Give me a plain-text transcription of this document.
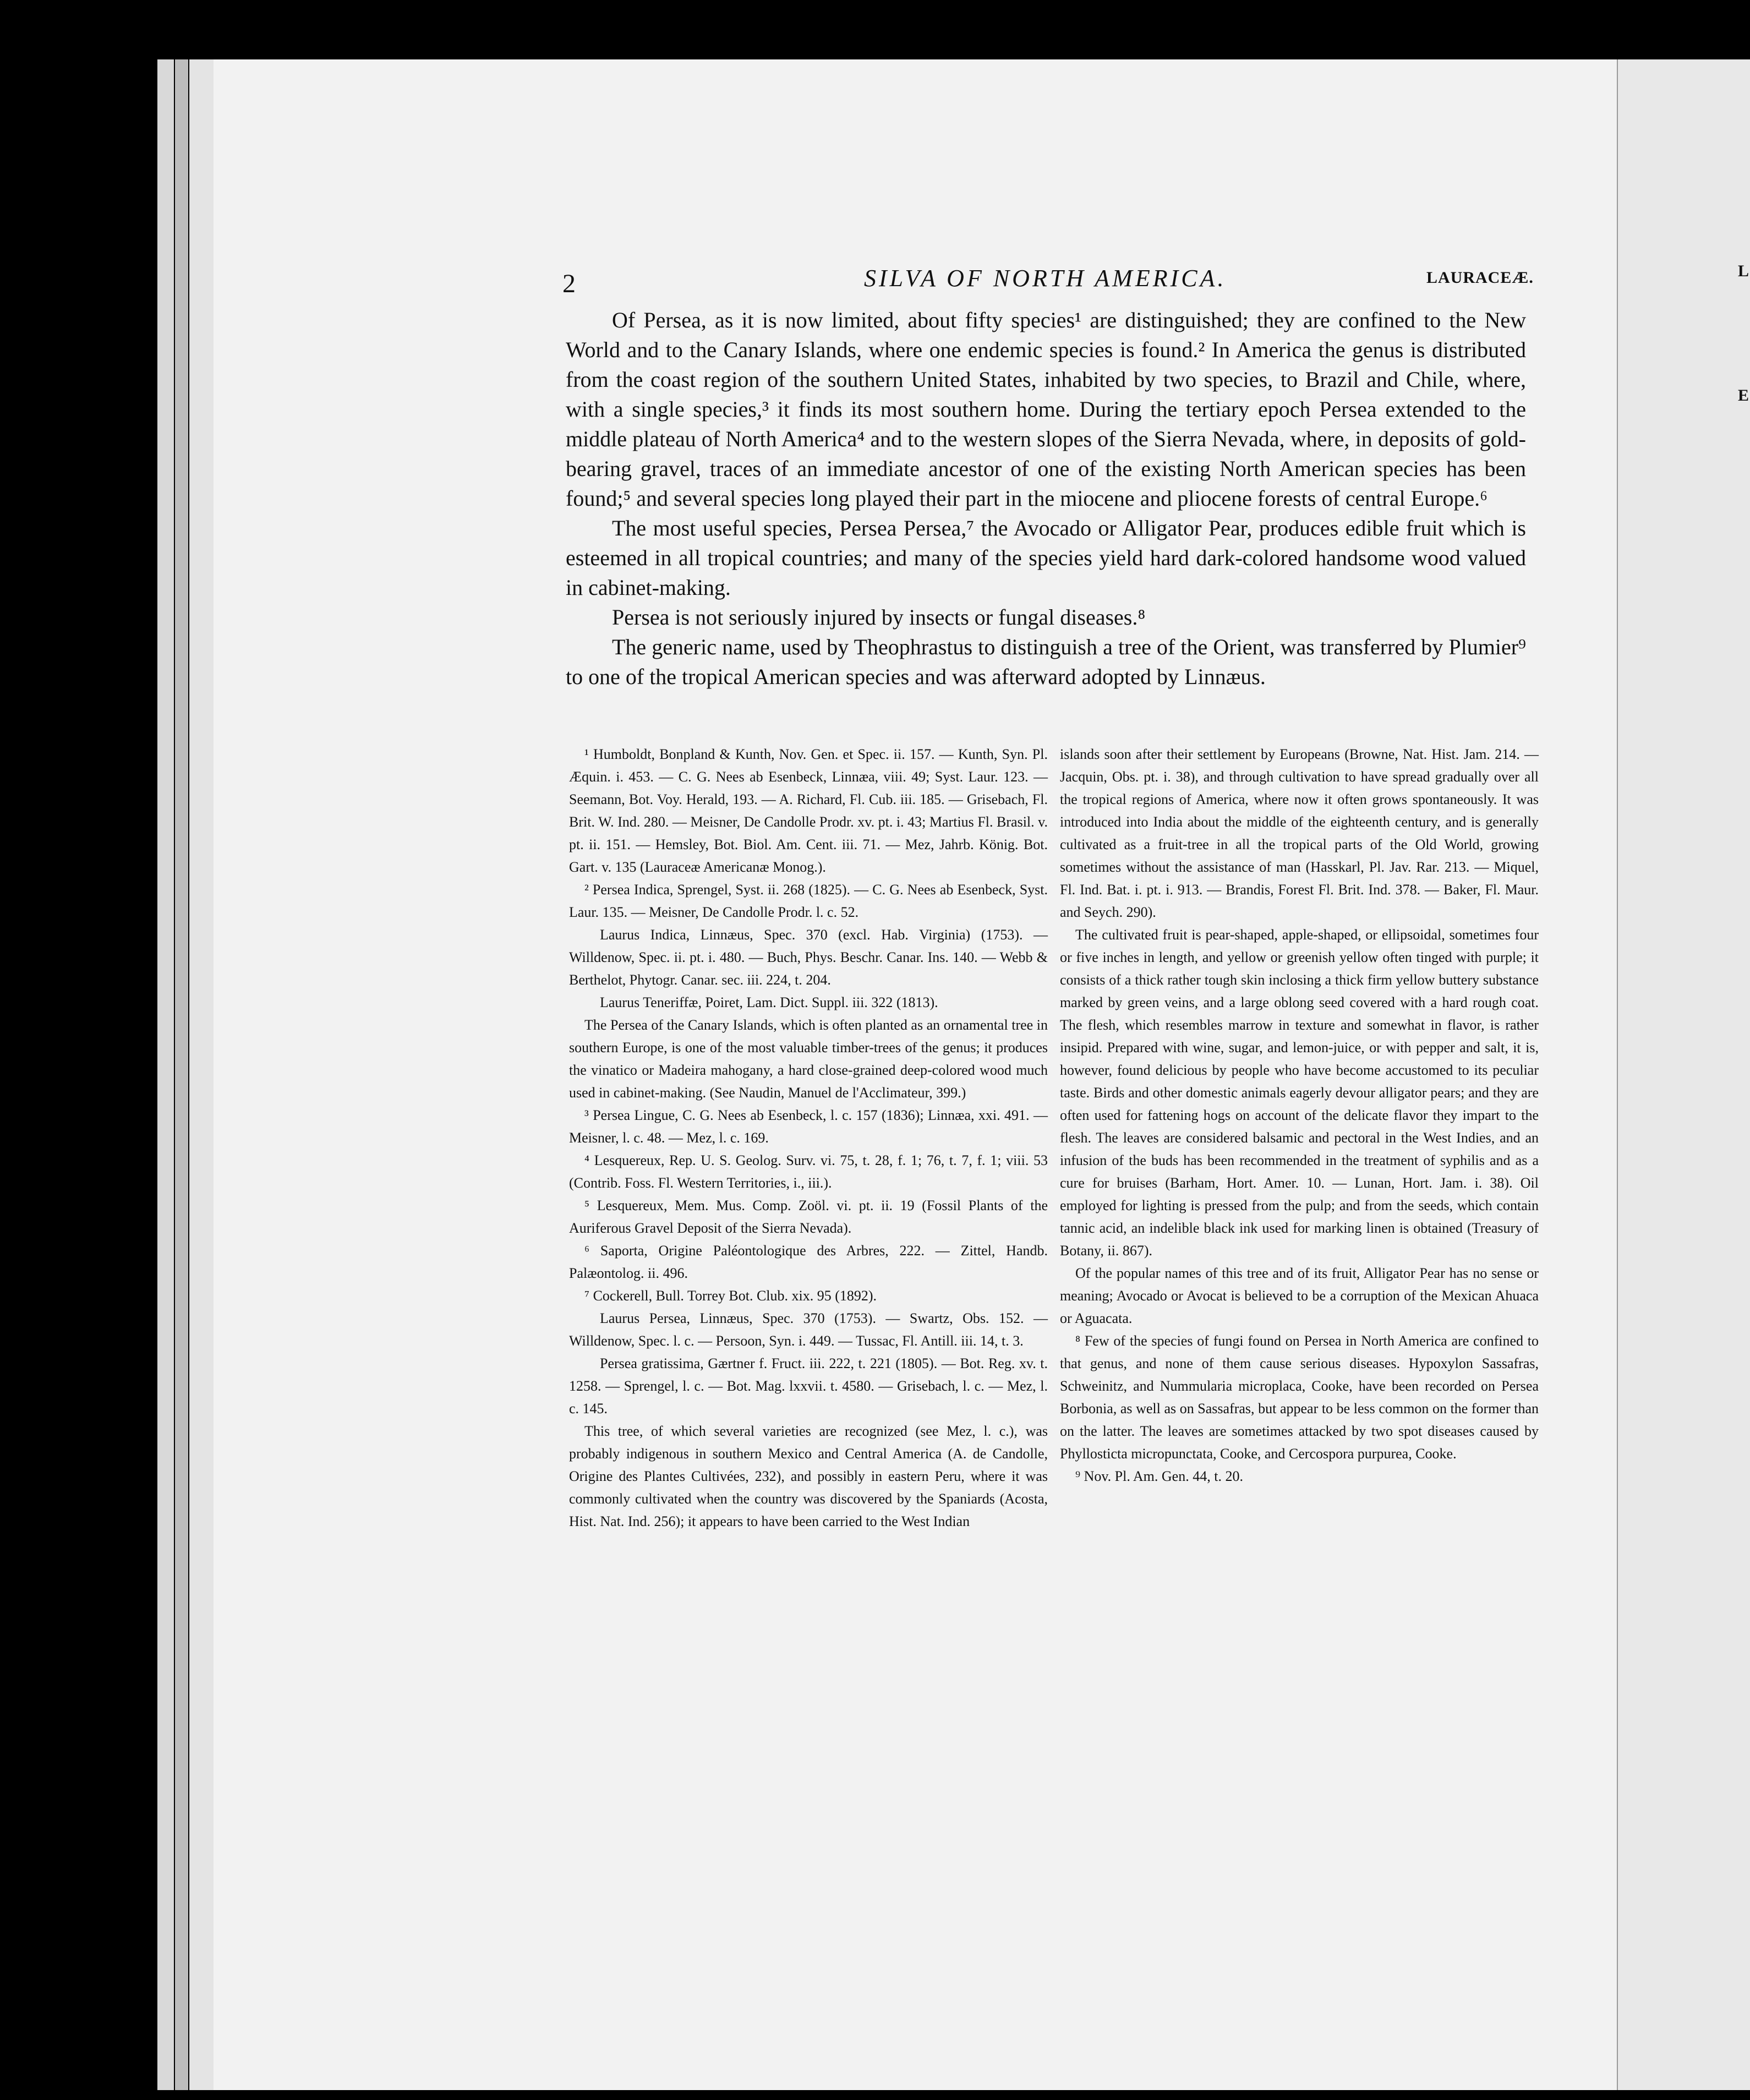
L
E
2	SILVA OF NORTH AMERICA.	LAURACEÆ.

Of Persea, as it is now limited, about fifty species¹ are distinguished; they are confined to the New World and to the Canary Islands, where one endemic species is found.² In America the genus is distributed from the coast region of the southern United States, inhabited by two species, to Brazil and Chile, where, with a single species,³ it finds its most southern home. During the tertiary epoch Persea extended to the middle plateau of North America⁴ and to the western slopes of the Sierra Nevada, where, in deposits of gold-bearing gravel, traces of an immediate ancestor of one of the existing North American species has been found;⁵ and several species long played their part in the miocene and pliocene forests of central Europe.⁶

The most useful species, Persea Persea,⁷ the Avocado or Alligator Pear, produces edible fruit which is esteemed in all tropical countries; and many of the species yield hard dark-colored handsome wood valued in cabinet-making.

Persea is not seriously injured by insects or fungal diseases.⁸

The generic name, used by Theophrastus to distinguish a tree of the Orient, was transferred by Plumier⁹ to one of the tropical American species and was afterward adopted by Linnæus.

¹ Humboldt, Bonpland & Kunth, Nov. Gen. et Spec. ii. 157. — Kunth, Syn. Pl. Æquin. i. 453. — C. G. Nees ab Esenbeck, Linnæa, viii. 49; Syst. Laur. 123. — Seemann, Bot. Voy. Herald, 193. — A. Richard, Fl. Cub. iii. 185. — Grisebach, Fl. Brit. W. Ind. 280. — Meisner, De Candolle Prodr. xv. pt. i. 43; Martius Fl. Brasil. v. pt. ii. 151. — Hemsley, Bot. Biol. Am. Cent. iii. 71. — Mez, Jahrb. König. Bot. Gart. v. 135 (Lauraceæ Americanæ Monog.).

² Persea Indica, Sprengel, Syst. ii. 268 (1825). — C. G. Nees ab Esenbeck, Syst. Laur. 135. — Meisner, De Candolle Prodr. l. c. 52.

Laurus Indica, Linnæus, Spec. 370 (excl. Hab. Virginia) (1753). — Willdenow, Spec. ii. pt. i. 480. — Buch, Phys. Beschr. Canar. Ins. 140. — Webb & Berthelot, Phytogr. Canar. sec. iii. 224, t. 204.

Laurus Teneriffæ, Poiret, Lam. Dict. Suppl. iii. 322 (1813).

The Persea of the Canary Islands, which is often planted as an ornamental tree in southern Europe, is one of the most valuable timber-trees of the genus; it produces the vinatico or Madeira mahogany, a hard close-grained deep-colored wood much used in cabinet-making. (See Naudin, Manuel de l'Acclimateur, 399.)

³ Persea Lingue, C. G. Nees ab Esenbeck, l. c. 157 (1836); Linnæa, xxi. 491. — Meisner, l. c. 48. — Mez, l. c. 169.

⁴ Lesquereux, Rep. U. S. Geolog. Surv. vi. 75, t. 28, f. 1; 76, t. 7, f. 1; viii. 53 (Contrib. Foss. Fl. Western Territories, i., iii.).

⁵ Lesquereux, Mem. Mus. Comp. Zoöl. vi. pt. ii. 19 (Fossil Plants of the Auriferous Gravel Deposit of the Sierra Nevada).

⁶ Saporta, Origine Paléontologique des Arbres, 222. — Zittel, Handb. Palæontolog. ii. 496.

⁷ Cockerell, Bull. Torrey Bot. Club. xix. 95 (1892).

Laurus Persea, Linnæus, Spec. 370 (1753). — Swartz, Obs. 152. — Willdenow, Spec. l. c. — Persoon, Syn. i. 449. — Tussac, Fl. Antill. iii. 14, t. 3.

Persea gratissima, Gærtner f. Fruct. iii. 222, t. 221 (1805). — Bot. Reg. xv. t. 1258. — Sprengel, l. c. — Bot. Mag. lxxvii. t. 4580. — Grisebach, l. c. — Mez, l. c. 145.

This tree, of which several varieties are recognized (see Mez, l. c.), was probably indigenous in southern Mexico and Central America (A. de Candolle, Origine des Plantes Cultivées, 232), and possibly in eastern Peru, where it was commonly cultivated when the country was discovered by the Spaniards (Acosta, Hist. Nat. Ind. 256); it appears to have been carried to the West Indian

islands soon after their settlement by Europeans (Browne, Nat. Hist. Jam. 214. — Jacquin, Obs. pt. i. 38), and through cultivation to have spread gradually over all the tropical regions of America, where now it often grows spontaneously. It was introduced into India about the middle of the eighteenth century, and is generally cultivated as a fruit-tree in all the tropical parts of the Old World, growing sometimes without the assistance of man (Hasskarl, Pl. Jav. Rar. 213. — Miquel, Fl. Ind. Bat. i. pt. i. 913. — Brandis, Forest Fl. Brit. Ind. 378. — Baker, Fl. Maur. and Seych. 290).

The cultivated fruit is pear-shaped, apple-shaped, or ellipsoidal, sometimes four or five inches in length, and yellow or greenish yellow often tinged with purple; it consists of a thick rather tough skin inclosing a thick firm yellow buttery substance marked by green veins, and a large oblong seed covered with a hard rough coat. The flesh, which resembles marrow in texture and somewhat in flavor, is rather insipid. Prepared with wine, sugar, and lemon-juice, or with pepper and salt, it is, however, found delicious by people who have become accustomed to its peculiar taste. Birds and other domestic animals eagerly devour alligator pears; and they are often used for fattening hogs on account of the delicate flavor they impart to the flesh. The leaves are considered balsamic and pectoral in the West Indies, and an infusion of the buds has been recommended in the treatment of syphilis and as a cure for bruises (Barham, Hort. Amer. 10. — Lunan, Hort. Jam. i. 38). Oil employed for lighting is pressed from the pulp; and from the seeds, which contain tannic acid, an indelible black ink used for marking linen is obtained (Treasury of Botany, ii. 867).

Of the popular names of this tree and of its fruit, Alligator Pear has no sense or meaning; Avocado or Avocat is believed to be a corruption of the Mexican Ahuaca or Aguacata.

⁸ Few of the species of fungi found on Persea in North America are confined to that genus, and none of them cause serious diseases. Hypoxylon Sassafras, Schweinitz, and Nummularia microplaca, Cooke, have been recorded on Persea Borbonia, as well as on Sassafras, but appear to be less common on the former than on the latter. The leaves are sometimes attacked by two spot diseases caused by Phyllosticta micropunctata, Cooke, and Cercospora purpurea, Cooke.

⁹ Nov. Pl. Am. Gen. 44, t. 20.
